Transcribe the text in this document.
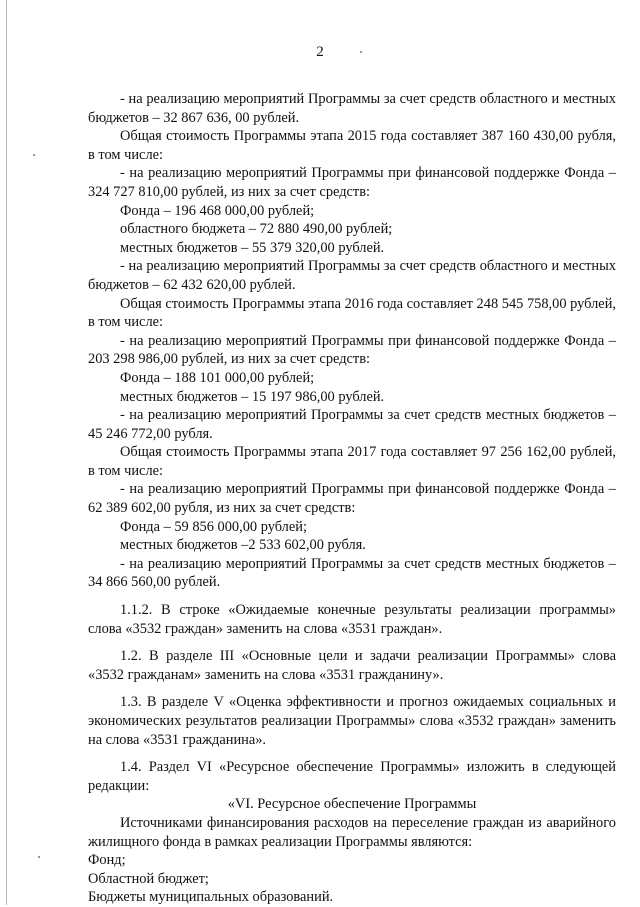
2

- на реализацию мероприятий Программы за счет средств областного и местных бюджетов – 32 867 636, 00 рублей.

Общая стоимость Программы этапа 2015 года составляет 387 160 430,00 рубля, в том числе:

- на реализацию мероприятий Программы при финансовой поддержке Фонда – 324 727 810,00 рублей, из них за счет средств:

Фонда – 196 468 000,00 рублей;

областного бюджета – 72 880 490,00 рублей;

местных бюджетов – 55 379 320,00 рублей.

- на реализацию мероприятий Программы за счет средств областного и местных бюджетов – 62 432 620,00 рублей.

Общая стоимость Программы этапа 2016 года составляет 248 545 758,00 рублей, в том числе:

- на реализацию мероприятий Программы при финансовой поддержке Фонда – 203 298 986,00 рублей, из них за счет средств:

Фонда – 188 101 000,00 рублей;

местных бюджетов – 15 197 986,00 рублей.

- на реализацию мероприятий Программы за счет средств местных бюджетов – 45 246 772,00 рубля.

Общая стоимость Программы этапа 2017 года составляет 97 256 162,00 рублей, в том числе:

- на реализацию мероприятий Программы при финансовой поддержке Фонда – 62 389 602,00 рубля, из них за счет средств:

Фонда – 59 856 000,00 рублей;

местных бюджетов –2 533 602,00 рубля.

- на реализацию мероприятий Программы за счет средств местных бюджетов – 34 866 560,00 рублей.

1.1.2. В строке «Ожидаемые конечные результаты реализации программы» слова «3532 граждан» заменить на слова «3531 граждан».

1.2. В разделе III «Основные цели и задачи реализации Программы» слова «3532 гражданам» заменить на слова «3531 гражданину».

1.3. В разделе V «Оценка эффективности и прогноз ожидаемых социальных и экономических результатов реализации Программы» слова «3532 граждан» заменить на слова «3531 гражданина».

1.4. Раздел VI «Ресурсное обеспечение Программы» изложить в следующей редакции:

«VI. Ресурсное обеспечение Программы

Источниками финансирования расходов на переселение граждан из аварийного жилищного фонда в рамках реализации Программы являются:

Фонд;

Областной бюджет;

Бюджеты муниципальных образований.
